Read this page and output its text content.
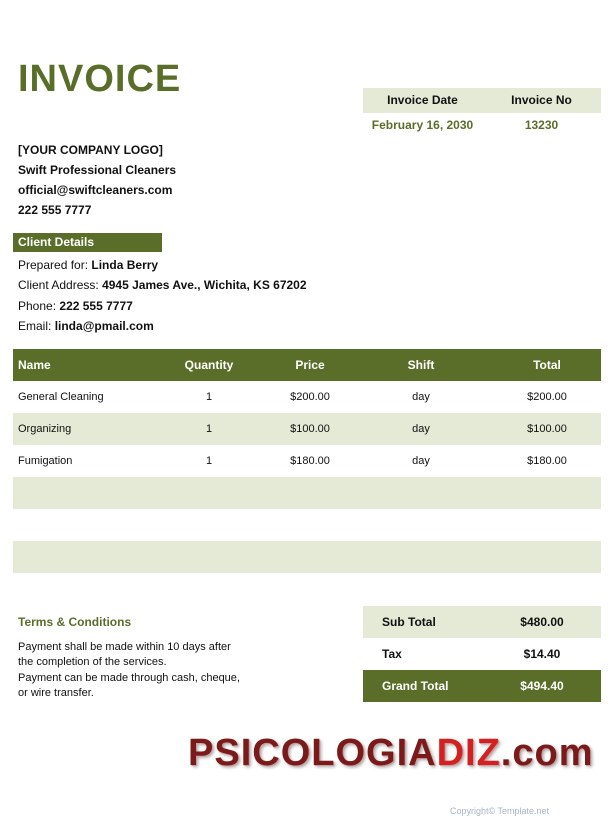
INVOICE	Invoice Date	Invoice No
February 16, 2030	13230
[YOUR COMPANY LOGO]
Swift Professional Cleaners
official@swiftcleaners.com
222 555 7777
Client Details
Prepared for: Linda Berry
Client Address: 4945 James Ave., Wichita, KS 67202
Phone: 222 555 7777
Email: linda@pmail.com
Name	Quantity	Price	Shift	Total
General Cleaning	1	$200.00	day	$200.00
Organizing	1	$100.00	day	$100.00
Fumigation	1	$180.00	day	$180.00

Terms & Conditions
Payment shall be made within 10 days after
the completion of the services.
Payment can be made through cash, cheque,
or wire transfer.
Sub Total	$480.00
Tax	$14.40
Grand Total	$494.40
PSICOLOGIADIZ.com
Copyright© Template.net
